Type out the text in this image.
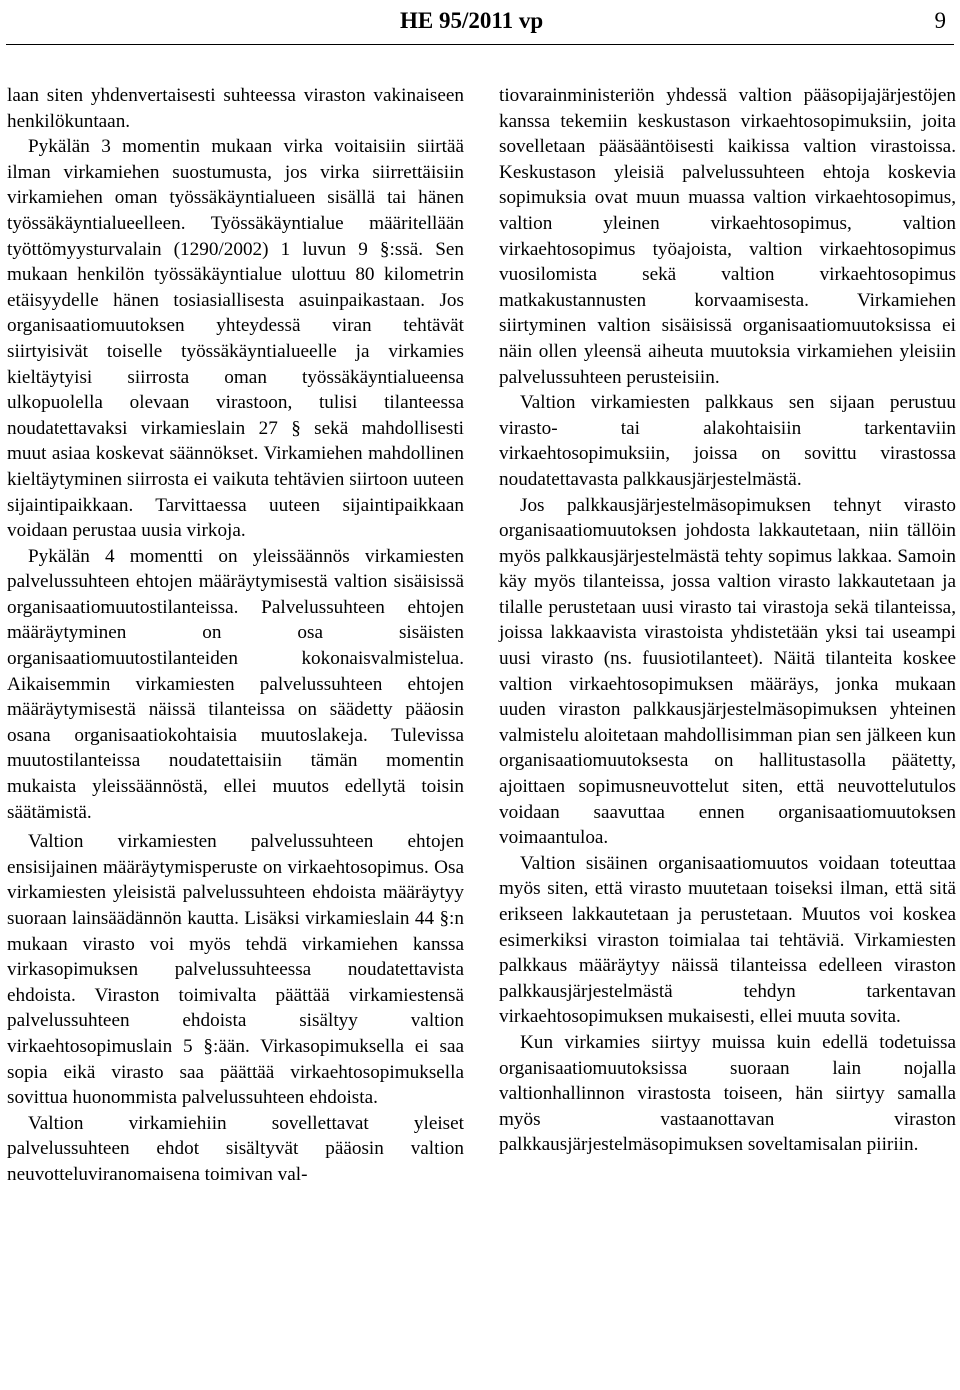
HE 95/2011 vp	9

laan siten yhdenvertaisesti suhteessa viraston vakinaiseen henkilökuntaan.

Pykälän 3 momentin mukaan virka voitaisiin siirtää ilman virkamiehen suostumusta, jos virka siirrettäisiin virkamiehen oman työssäkäyntialueen sisällä tai hänen työssäkäyntialueelleen. Työssäkäyntialue määritellään työttömyysturvalain (1290/2002) 1 luvun 9 §:ssä. Sen mukaan henkilön työssäkäyntialue ulottuu 80 kilometrin etäisyydelle hänen tosiasiallisesta asuinpaikastaan. Jos organisaatiomuutoksen yhteydessä viran tehtävät siirtyisivät toiselle työssäkäyntialueelle ja virkamies kieltäytyisi siirrosta oman työssäkäyntialueensa ulkopuolella olevaan virastoon, tulisi tilanteessa noudatettavaksi virkamieslain 27 § sekä mahdollisesti muut asiaa koskevat säännökset. Virkamiehen mahdollinen kieltäytyminen siirrosta ei vaikuta tehtävien siirtoon uuteen sijaintipaikkaan. Tarvittaessa uuteen sijaintipaikkaan voidaan perustaa uusia virkoja.

Pykälän 4 momentti on yleissäännös virkamiesten palvelussuhteen ehtojen määräytymisestä valtion sisäisissä organisaatiomuutostilanteissa. Palvelussuhteen ehtojen määräytyminen on osa sisäisten organisaatiomuutostilanteiden kokonaisvalmistelua. Aikaisemmin virkamiesten palvelussuhteen ehtojen määräytymisestä näissä tilanteissa on säädetty pääosin osana organisaatiokohtaisia muutoslakeja. Tulevissa muutostilanteissa noudatettaisiin tämän momentin mukaista yleissäännöstä, ellei muutos edellytä toisin säätämistä.

Valtion virkamiesten palvelussuhteen ehtojen ensisijainen määräytymisperuste on virkaehtosopimus. Osa virkamiesten yleisistä palvelussuhteen ehdoista määräytyy suoraan lainsäädännön kautta. Lisäksi virkamieslain 44 §:n mukaan virasto voi myös tehdä virkamiehen kanssa virkasopimuksen palvelussuhteessa noudatettavista ehdoista. Viraston toimivalta päättää virkamiestensä palvelussuhteen ehdoista sisältyy valtion virkaehtosopimuslain 5 §:ään. Virkasopimuksella ei saa sopia eikä virasto saa päättää virkaehtosopimuksella sovittua huonommista palvelussuhteen ehdoista.

Valtion virkamiehiin sovellettavat yleiset palvelussuhteen ehdot sisältyvät pääosin valtion neuvotteluviranomaisena toimivan val-

tiovarainministeriön yhdessä valtion pääsopijajärjestöjen kanssa tekemiin keskustason virkaehtosopimuksiin, joita sovelletaan pääsääntöisesti kaikissa valtion virastoissa. Keskustason yleisiä palvelussuhteen ehtoja koskevia sopimuksia ovat muun muassa valtion virkaehtosopimus, valtion yleinen virkaehtosopimus, valtion virkaehtosopimus työajoista, valtion virkaehtosopimus vuosilomista sekä valtion virkaehtosopimus matkakustannusten korvaamisesta. Virkamiehen siirtyminen valtion sisäisissä organisaatiomuutoksissa ei näin ollen yleensä aiheuta muutoksia virkamiehen yleisiin palvelussuhteen perusteisiin.

Valtion virkamiesten palkkaus sen sijaan perustuu virasto- tai alakohtaisiin tarkentaviin virkaehtosopimuksiin, joissa on sovittu virastossa noudatettavasta palkkausjärjestelmästä.

Jos palkkausjärjestelmäsopimuksen tehnyt virasto organisaatiomuutoksen johdosta lakkautetaan, niin tällöin myös palkkausjärjestelmästä tehty sopimus lakkaa. Samoin käy myös tilanteissa, jossa valtion virasto lakkautetaan ja tilalle perustetaan uusi virasto tai virastoja sekä tilanteissa, joissa lakkaavista virastoista yhdistetään yksi tai useampi uusi virasto (ns. fuusiotilanteet). Näitä tilanteita koskee valtion virkaehtosopimuksen määräys, jonka mukaan uuden viraston palkkausjärjestelmäsopimuksen yhteinen valmistelu aloitetaan mahdollisimman pian sen jälkeen kun organisaatiomuutoksesta on hallitustasolla päätetty, ajoittaen sopimusneuvottelut siten, että neuvottelutulos voidaan saavuttaa ennen organisaatiomuutoksen voimaantuloa.

Valtion sisäinen organisaatiomuutos voidaan toteuttaa myös siten, että virasto muutetaan toiseksi ilman, että sitä erikseen lakkautetaan ja perustetaan. Muutos voi koskea esimerkiksi viraston toimialaa tai tehtäviä. Virkamiesten palkkaus määräytyy näissä tilanteissa edelleen viraston palkkausjärjestelmästä tehdyn tarkentavan virkaehtosopimuksen mukaisesti, ellei muuta sovita.

Kun virkamies siirtyy muissa kuin edellä todetuissa organisaatiomuutoksissa suoraan lain nojalla valtionhallinnon virastosta toiseen, hän siirtyy samalla myös vastaanottavan viraston palkkausjärjestelmäsopimuksen soveltamisalan piiriin.
